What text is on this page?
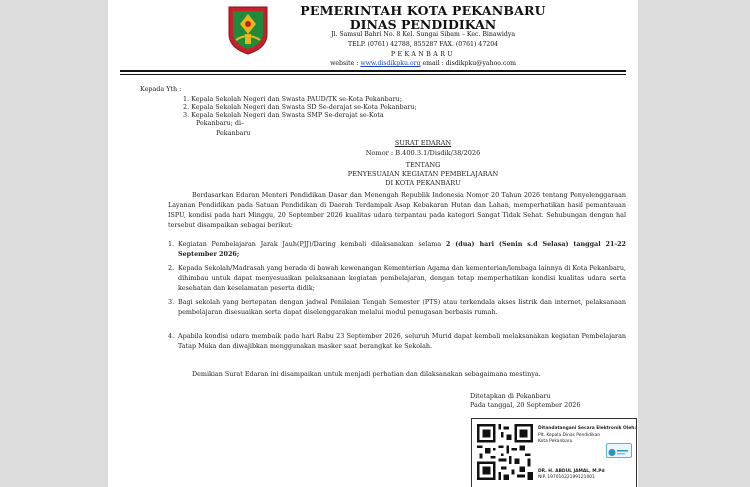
PEMERINTAH KOTA PEKANBARU
DINAS PENDIDIKAN
Jl. Samsul Bahri No. 8 Kel. Sungai Sibam – Kec. Binawidya
TELP. (0761) 42788, 855287 FAX. (0761) 47204
PEKANBARU
website : www.disdikpku.org email : disdikpku@yahoo.com
Kepada Yth :
1. Kepala Sekolah Negeri dan Swasta PAUD/TK se-Kota Pekanbaru;
2. Kepala Sekolah Negeri dan Swasta SD Se-derajat se-Kota Pekanbaru;
3. Kepala Sekolah Negeri dan Swasta SMP Se-derajat se-Kota
Pekanbaru; di–
Pekanbaru
SURAT EDARAN
Nomor : B.400.3.1/Disdik/38/2026
TENTANG
PENYESUAIAN KEGIATAN PEMBELAJARAN
DI KOTA PEKANBARU
Berdasarkan Edaran Menteri Pendidikan Dasar dan Menengah Republik Indonesia Nomor 20 Tahun 2026 tentang Penyelenggaraan Layanan Pendidikan pada Satuan Pendidikan di Daerah Terdampak Asap Kebakaran Hutan dan Lahan, memperhatikan hasil pemantauan ISPU, kondisi pada hari Minggu, 20 September 2026 kualitas udara terpantau pada kategori Sangat Tidak Sehat. Sehubungan dengan hal tersebut disampaikan sebagai berikut:
1. Kegiatan Pembelajaran Jarak Jauh(PJJ)/Daring kembali dilaksanakan selama 2 (dua) hari (Senin s.d Selasa) tanggal 21-22 September 2026;
2. Kepada Sekolah/Madrasah yang berada di bawah kewenangan Kementerian Agama dan kementerian/lembaga lainnya di Kota Pekanbaru, dihimbau untuk dapat menyesuaikan pelaksanaan kegiatan pembelajaran, dengan tetap memperhatikan kondisi kualitas udara serta kesehatan dan keselamatan peserta didik;
3. Bagi sekolah yang bertepatan dengan jadwal Penilaian Tengah Semester (PTS) atau terkendala akses listrik dan internet, pelaksanaan pembelajaran disesuaikan serta dapat diselenggarakan melalui modul penugasan berbasis rumah.
4. Apabila kondisi udara membaik pada hari Rabu 23 September 2026, seluruh Murid dapat kembali melaksanakan kegiatan Pembelajaran Tatap Muka dan diwajibkan menggunakan masker saat berangkat ke Sekolah.
Demikian Surat Edaran ini disampaikan untuk menjadi perhatian dan dilaksanakan sebagaimana mestinya.
Ditetapkan di Pekanbaru
Pada tanggal, 20 September 2026
Ditandatangani Secara Elektronik Oleh:
Plt. Kepala Dinas Pendidikan Kota Pekanbaru
DR. H. ABDUL JAMAL, M.Pd
NIP. 19701022199121001
